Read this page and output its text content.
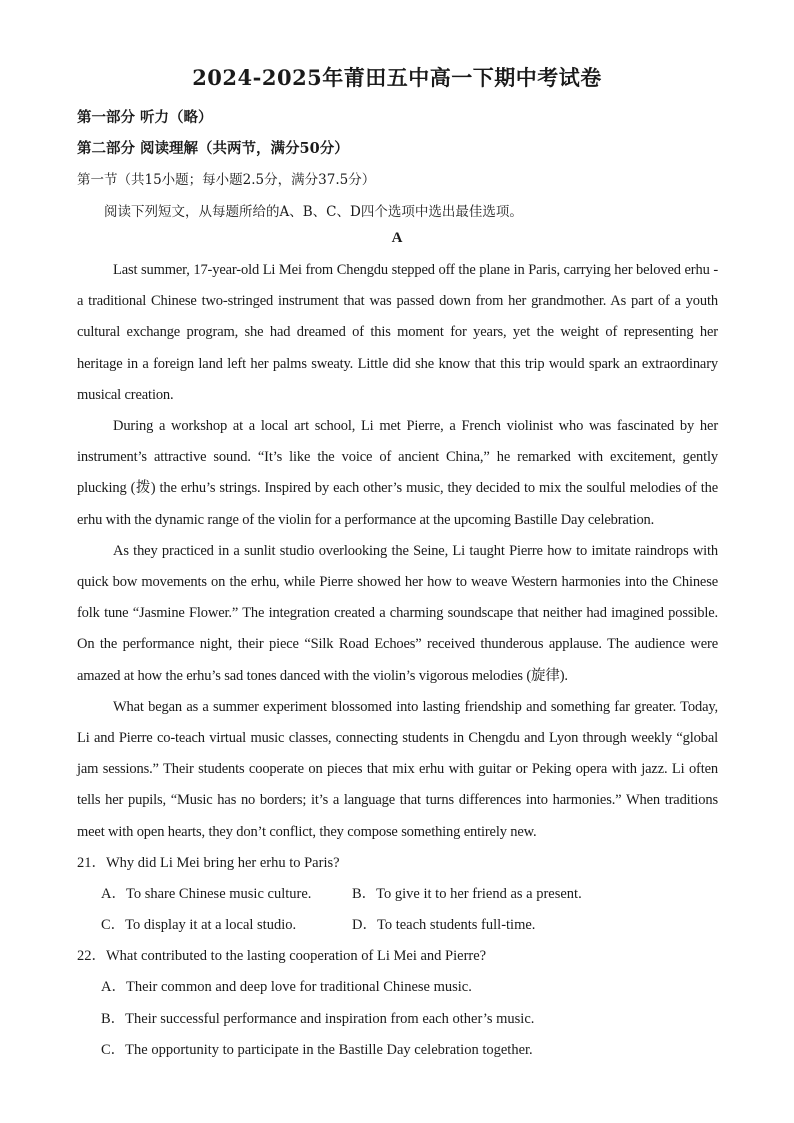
2024-2025年莆田五中高一下期中考试卷
第一部分 听力（略）
第二部分 阅读理解（共两节，满分50分）
第一节（共15小题；每小题2.5分，满分37.5分）
阅读下列短文，从每题所给的A、B、C、D四个选项中选出最佳选项。
A

Last summer, 17-year-old Li Mei from Chengdu stepped off the plane in Paris, carrying her beloved erhu - a traditional Chinese two-stringed instrument that was passed down from her grandmother. As part of a youth cultural exchange program, she had dreamed of this moment for years, yet the weight of representing her heritage in a foreign land left her palms sweaty. Little did she know that this trip would spark an extraordinary musical creation.

During a workshop at a local art school, Li met Pierre, a French violinist who was fascinated by her instrument’s attractive sound. “It’s like the voice of ancient China,” he remarked with excitement, gently plucking (拨) the erhu’s strings. Inspired by each other’s music, they decided to mix the soulful melodies of the erhu with the dynamic range of the violin for a performance at the upcoming Bastille Day celebration.

As they practiced in a sunlit studio overlooking the Seine, Li taught Pierre how to imitate raindrops with quick bow movements on the erhu, while Pierre showed her how to weave Western harmonies into the Chinese folk tune “Jasmine Flower.” The integration created a charming soundscape that neither had imagined possible. On the performance night, their piece “Silk Road Echoes” received thunderous applause. The audience were amazed at how the erhu’s sad tones danced with the violin’s vigorous melodies (旋律).

What began as a summer experiment blossomed into lasting friendship and something far greater. Today, Li and Pierre co-teach virtual music classes, connecting students in Chengdu and Lyon through weekly “global jam sessions.” Their students cooperate on pieces that mix erhu with guitar or Peking opera with jazz. Li often tells her pupils, “Music has no borders; it’s a language that turns differences into harmonies.” When traditions meet with open hearts, they don’t conflict, they compose something entirely new.

21．Why did Li Mei bring her erhu to Paris?
A．To share Chinese music culture.	B．To give it to her friend as a present.
C．To display it at a local studio.	D．To teach students full-time.
22．What contributed to the lasting cooperation of Li Mei and Pierre?
A．Their common and deep love for traditional Chinese music.
B．Their successful performance and inspiration from each other’s music.
C．The opportunity to participate in the Bastille Day celebration together.
